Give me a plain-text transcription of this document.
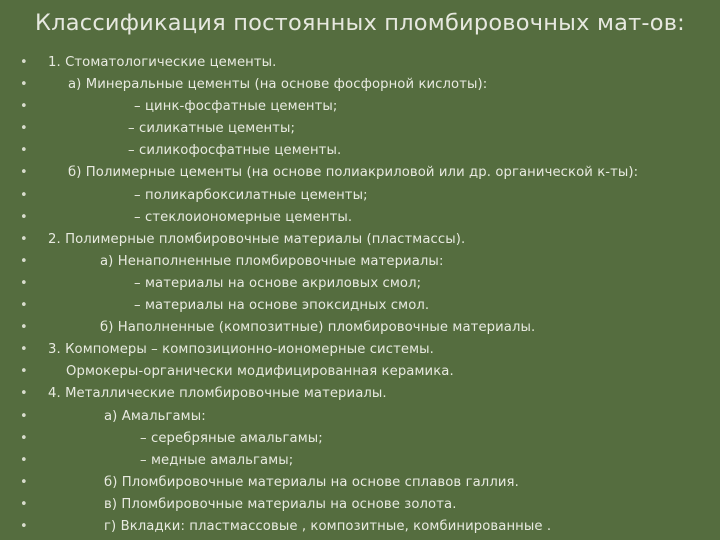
Классификация постоянных пломбировочных мат-ов:
• 1. Стоматологические цементы.
•	а) Минеральные цементы (на основе фосфорной кислоты):
•	– цинк-фосфатные цементы;
•	– силикатные цементы;
•	– силикофосфатные цементы.
•	б) Полимерные цементы (на основе полиакриловой или др. органической к-ты):
•	– поликарбоксилатные цементы;
•	– стеклоиономерные цементы.
• 2. Полимерные пломбировочные материалы (пластмассы).
•	а) Ненаполненные пломбировочные материалы:
•	– материалы на основе акриловых смол;
•	– материалы на основе эпоксидных смол.
•	б) Наполненные (композитные) пломбировочные материалы.
• 3. Компомеры – композиционно-иономерные системы.
•	Ормокеры-органически модифицированная керамика.
• 4. Металлические пломбировочные материалы.
•	а) Амальгамы:
•	– серебряные амальгамы;
•	– медные амальгамы;
•	б) Пломбировочные материалы на основе сплавов галлия.
•	в) Пломбировочные материалы на основе золота.
•	г) Вкладки: пластмассовые , композитные, комбинированные .
